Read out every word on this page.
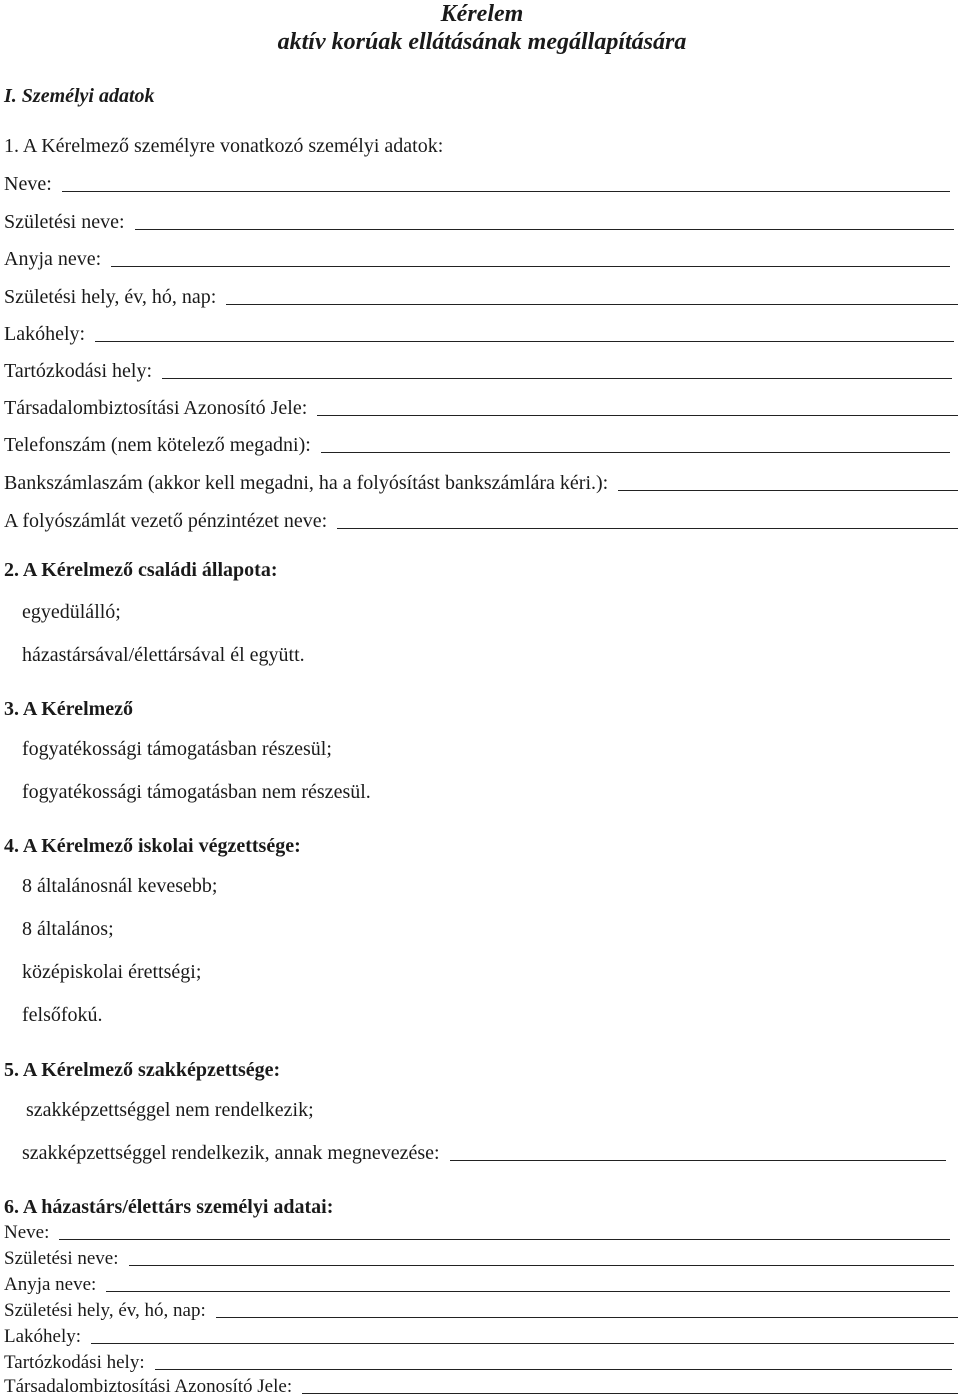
Kérelem
aktív korúak ellátásának megállapítására
I. Személyi adatok
1. A Kérelmező személyre vonatkozó személyi adatok:
Neve:
Születési neve:
Anyja neve:
Születési hely, év, hó, nap:
Lakóhely:
Tartózkodási hely:
Társadalombiztosítási Azonosító Jele:
Telefonszám (nem kötelező megadni):
Bankszámlaszám (akkor kell megadni, ha a folyósítást bankszámlára kéri.):
A folyószámlát vezető pénzintézet neve:
2. A Kérelmező családi állapota:
egyedülálló;
házastársával/élettársával él együtt.
3. A Kérelmező
fogyatékossági támogatásban részesül;
fogyatékossági támogatásban nem részesül.
4. A Kérelmező iskolai végzettsége:
8 általánosnál kevesebb;
8 általános;
középiskolai érettségi;
felsőfokú.
5. A Kérelmező szakképzettsége:
szakképzettséggel nem rendelkezik;
szakképzettséggel rendelkezik, annak megnevezése:
6. A házastárs/élettárs személyi adatai:
Neve:
Születési neve:
Anyja neve:
Születési hely, év, hó, nap:
Lakóhely:
Tartózkodási hely:
Társadalombiztosítási Azonosító Jele:
